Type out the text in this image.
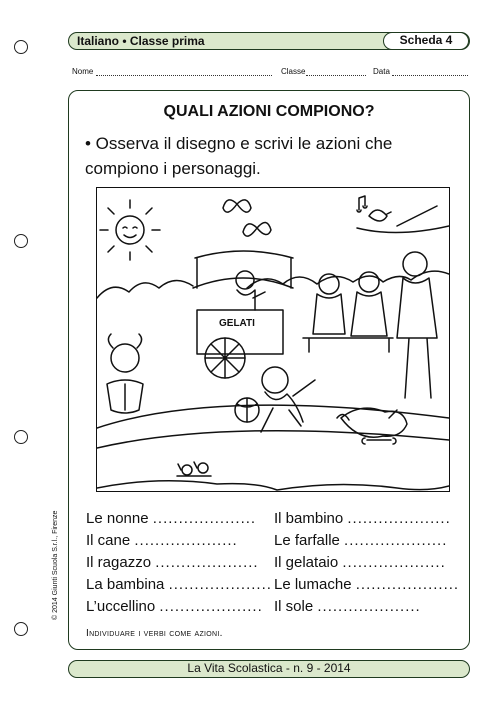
Italiano • Classe prima	Scheda 4
Nome	Classe	Data
QUALI AZIONI COMPIONO?
• Osserva il disegno e scrivi le azioni che compiono i personaggi.
GELATI
Le nonne ....................
Il cane ....................
Il ragazzo ....................
La bambina ....................
L’uccellino ....................
Il bambino ....................
Le farfalle ....................
Il gelataio ....................
Le lumache ....................
Il sole ....................
Individuare i verbi come azioni.
© 2014 Giunti Scuola S.r.l., Firenze
La Vita Scolastica - n. 9 - 2014
